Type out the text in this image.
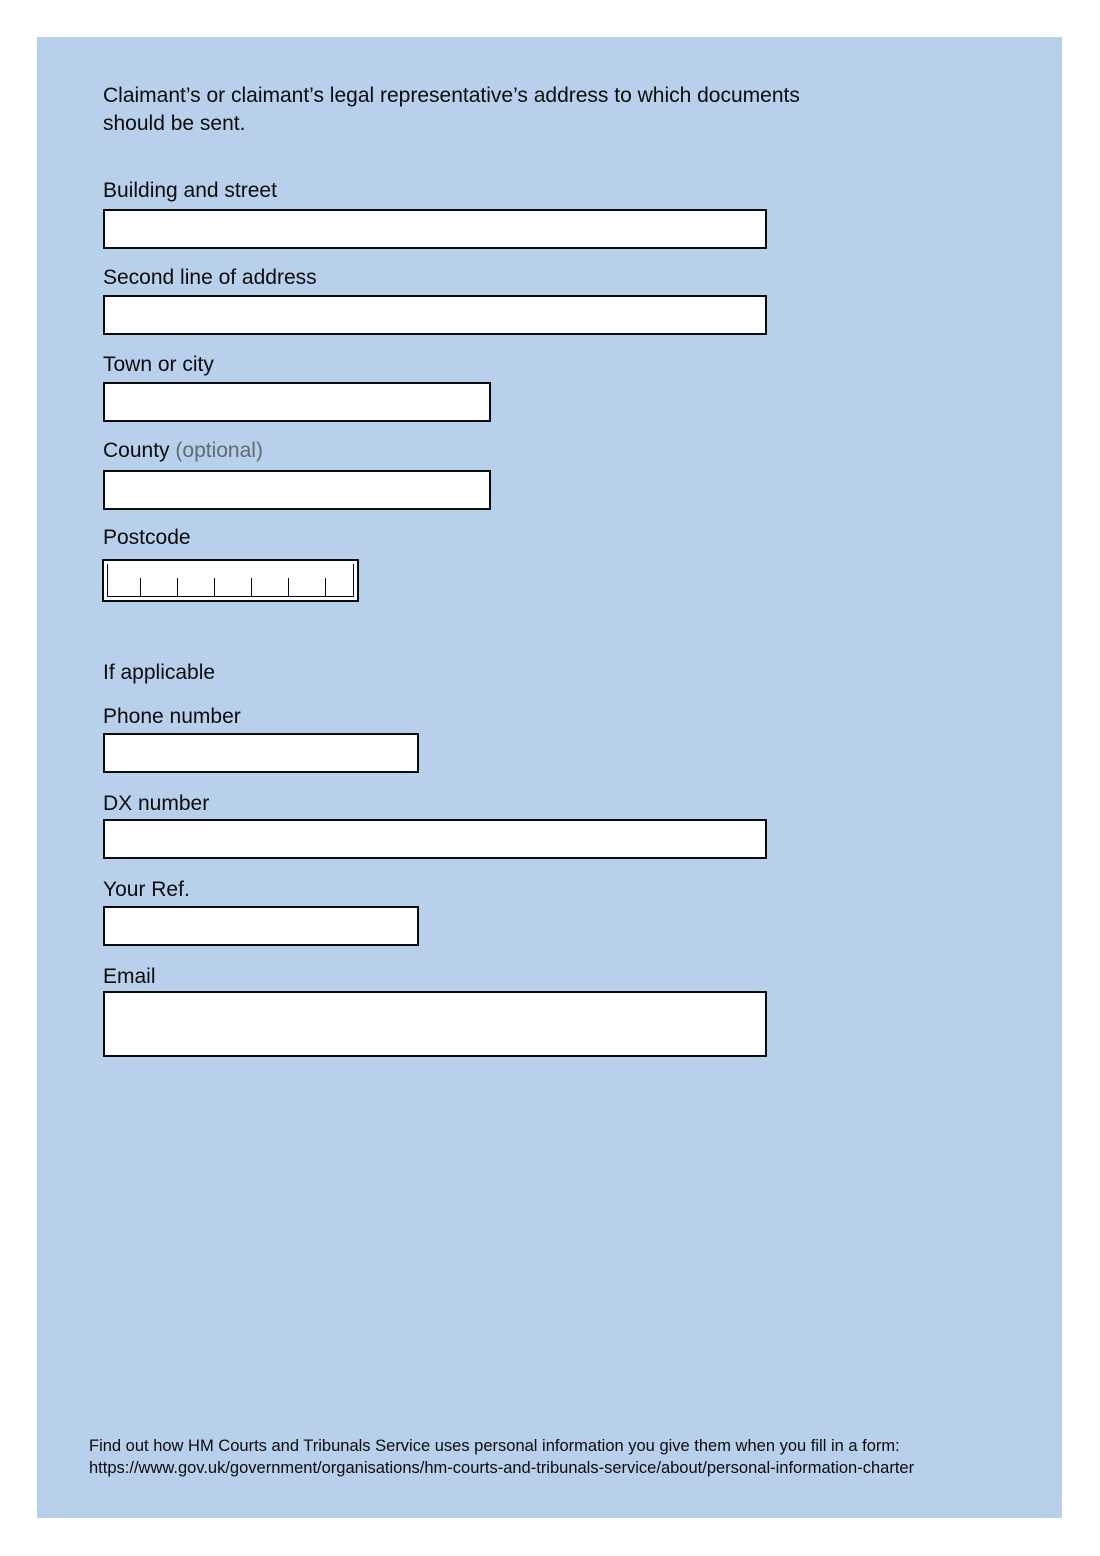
Claimant’s or claimant’s legal representative’s address to which documents should be sent.
Building and street
Second line of address
Town or city
County (optional)
Postcode
If applicable
Phone number
DX number
Your Ref.
Email
Find out how HM Courts and Tribunals Service uses personal information you give them when you fill in a form:
https://www.gov.uk/government/organisations/hm-courts-and-tribunals-service/about/personal-information-charter
